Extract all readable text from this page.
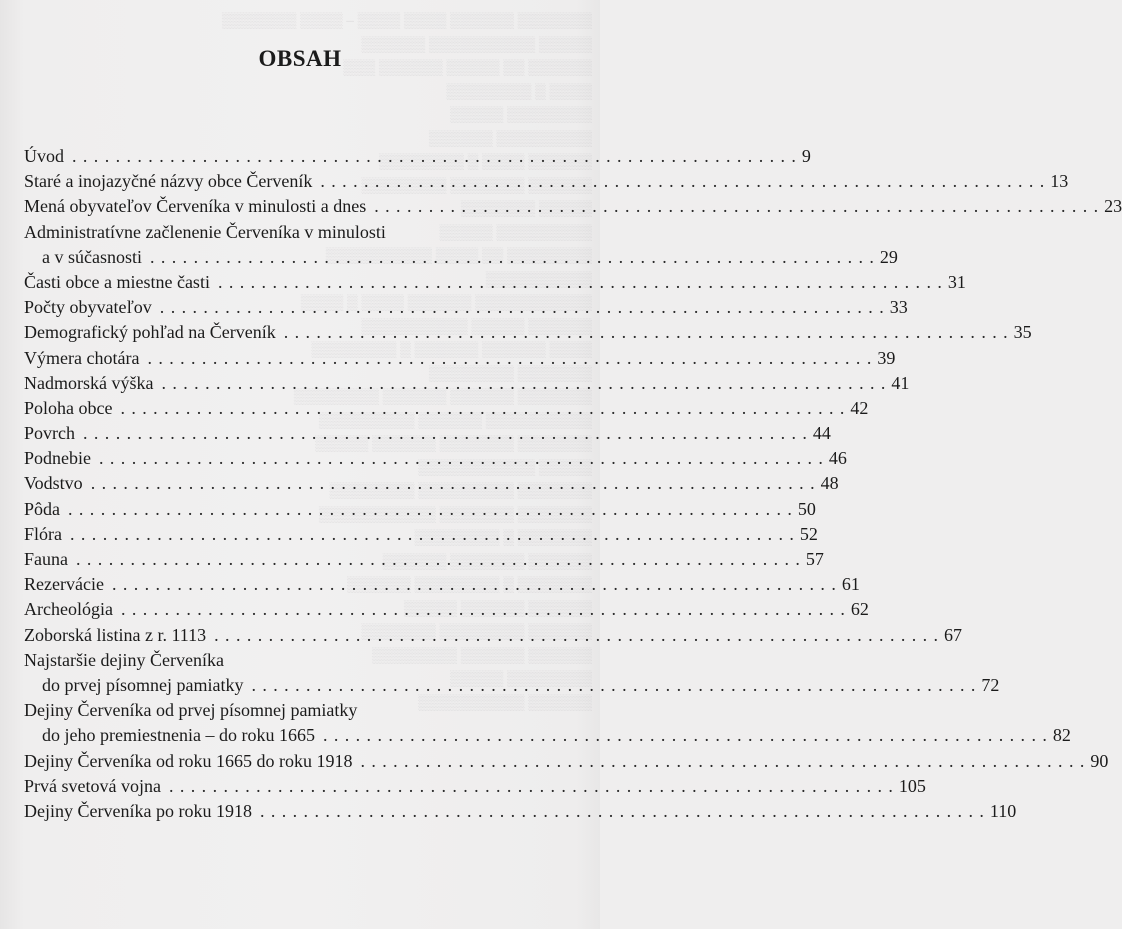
▒▒▒▒▒▒▒ ▒▒▒▒▒▒ ▒▒▒▒ ▒▒▒▒ – ▒▒▒▒ ▒▒▒▒▒▒▒
▒▒▒▒▒ ▒▒▒▒▒▒▒▒▒▒ ▒▒▒▒▒▒
▒▒▒▒▒▒ ▒▒ ▒▒▒▒▒ ▒▒▒▒▒▒ ▒▒▒
▒▒▒▒ ▒ ▒▒▒▒▒▒▒▒
▒▒▒▒▒▒▒▒ ▒▒▒▒▒
▒▒▒▒▒▒▒▒▒ ▒▒▒▒▒▒
▒▒▒▒▒▒ ▒▒▒▒ ▒ ▒▒▒▒▒▒▒▒
▒▒▒▒▒▒ ▒▒▒▒▒▒▒ ▒▒▒▒▒▒▒▒
▒▒▒▒▒ ▒▒▒▒▒▒▒
▒▒▒▒▒▒▒▒▒ ▒▒▒▒▒
▒▒▒▒▒▒▒▒ ▒▒ ▒▒▒▒ ▒▒▒▒▒▒▒▒▒▒
▒▒▒▒▒▒▒▒▒▒
▒▒▒▒▒▒▒▒▒▒▒ ▒▒▒▒▒▒ ▒▒▒▒ ▒ ▒▒▒▒
▒▒▒▒▒▒ ▒▒▒▒▒ ▒▒▒▒▒▒▒▒▒▒
▒▒▒▒ ▒▒▒▒▒▒ ▒▒▒▒▒▒ ▒ ▒▒▒▒▒▒▒▒
▒▒▒▒▒▒▒ ▒▒▒▒▒▒▒▒
▒▒▒▒▒▒▒ ▒▒▒▒▒▒ ▒▒▒▒▒▒ ▒▒▒▒▒▒▒▒
▒▒▒▒▒▒▒▒▒▒ ▒▒▒▒▒▒ ▒▒▒▒▒▒▒▒▒
▒▒▒▒▒▒▒ ▒▒▒▒▒▒▒ ▒▒▒▒▒▒ ▒▒▒▒▒
▒▒▒▒▒ ▒▒▒▒▒▒▒▒▒▒▒
▒▒▒▒▒▒▒ ▒▒▒▒▒▒▒▒▒ ▒▒▒▒▒▒▒▒
▒▒▒▒▒▒▒ ▒▒▒▒▒▒▒ ▒▒▒▒▒▒▒▒▒▒▒
▒▒▒▒▒▒▒ ▒ ▒▒▒▒▒▒▒▒
▒▒▒▒▒▒ ▒▒▒▒▒▒▒ ▒▒▒▒▒▒
▒▒▒▒▒▒▒ ▒ ▒▒▒▒▒▒▒▒ ▒▒▒▒▒▒
▒▒▒▒▒▒ ▒▒▒▒▒▒ ▒▒▒▒▒
▒▒▒▒▒▒ ▒▒▒▒▒▒▒▒ ▒▒▒▒▒▒▒
▒▒▒▒▒▒ ▒▒▒▒▒▒ ▒▒▒▒▒▒▒▒
▒▒▒▒▒▒▒▒ ▒▒▒▒▒
▒▒▒▒▒▒ ▒▒▒▒▒▒▒▒▒▒
OBSAH
Úvod . . .	9
Staré a inojazyčné názvy obce Červeník . . .	13
Mená obyvateľov Červeníka v minulosti a dnes . . .	23
Administratívne začlenenie Červeníka v minulosti
a v súčasnosti . . .	29
Časti obce a miestne časti . . .	31
Počty obyvateľov . . .	33
Demografický pohľad na Červeník . . .	35
Výmera chotára . . .	39
Nadmorská výška . . .	41
Poloha obce . . .	42
Povrch . . .	44
Podnebie . . .	46
Vodstvo . . .	48
Pôda . . .	50
Flóra . . .	52
Fauna . . .	57
Rezervácie . . .	61
Archeológia . . .	62
Zoborská listina z r. 1113 . . .	67
Najstaršie dejiny Červeníka
do prvej písomnej pamiatky . . .	72
Dejiny Červeníka od prvej písomnej pamiatky
do jeho premiestnenia – do roku 1665 . . .	82
Dejiny Červeníka od roku 1665 do roku 1918 . . .	90
Prvá svetová vojna . . .	105
Dejiny Červeníka po roku 1918 . . .	110
